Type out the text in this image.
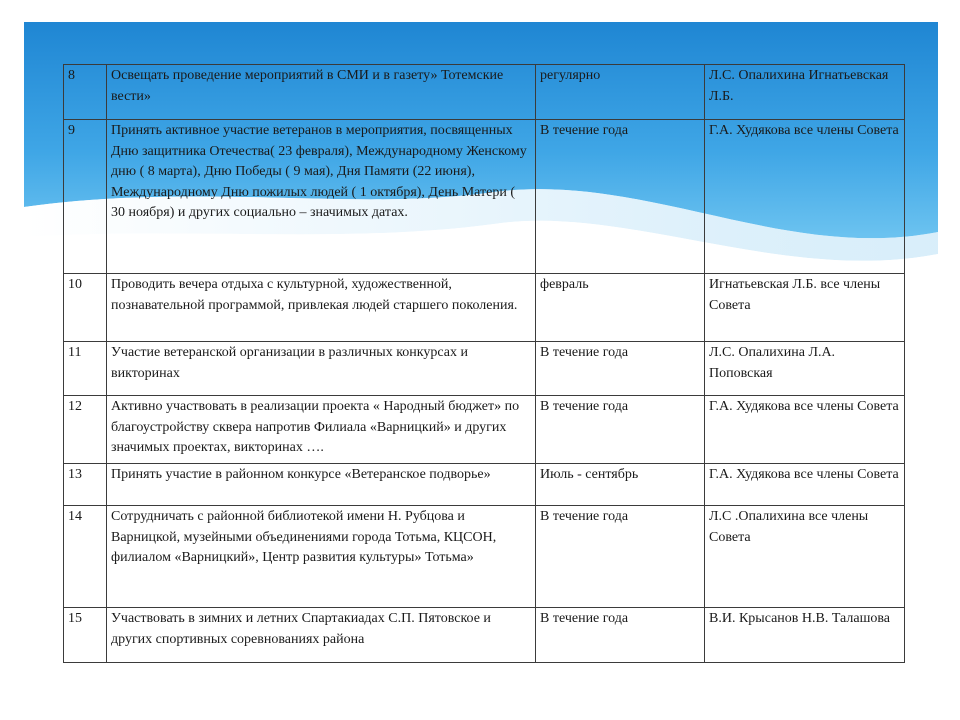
8	Освещать проведение мероприятий в СМИ и в газету» Тотемские вести»	регулярно	Л.С. Опалихина Игнатьевская Л.Б.
9	Принять активное участие ветеранов в мероприятия, посвященных Дню защитника Отечества( 23 февраля), Международному Женскому дню ( 8 марта), Дню Победы ( 9 мая), Дня Памяти (22 июня), Международному Дню пожилых людей ( 1 октября), День Матери ( 30 ноября) и других социально – значимых датах.	В течение года	Г.А. Худякова все члены Совета
10	Проводить вечера отдыха с культурной, художественной, познавательной программой, привлекая людей старшего поколения.	февраль	Игнатьевская Л.Б. все члены Совета
11	Участие ветеранской организации в различных конкурсах и викторинах	В течение года	Л.С. Опалихина Л.А. Поповская
12	Активно участвовать в реализации проекта « Народный бюджет» по благоустройству сквера напротив Филиала «Варницкий» и других значимых проектах, викторинах ….	В течение года	Г.А. Худякова все члены Совета
13	Принять участие в районном конкурсе «Ветеранское подворье»	Июль - сентябрь	Г.А. Худякова все члены Совета
14	Сотрудничать с районной библиотекой имени Н. Рубцова и Варницкой, музейными объединениями города Тотьма, КЦСОН, филиалом «Варницкий», Центр развития культуры» Тотьма»	В течение года	Л.С .Опалихина все члены Совета
15	Участвовать в зимних и летних Спартакиадах С.П. Пятовское и других спортивных соревнованиях района	В течение года	В.И. Крысанов Н.В. Талашова
